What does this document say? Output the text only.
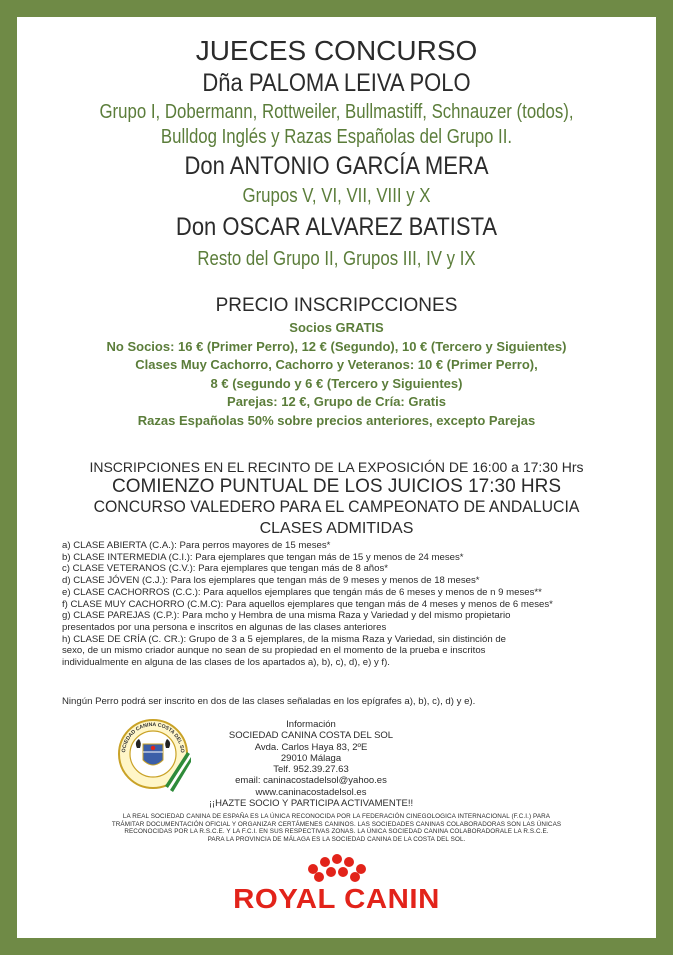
JUECES CONCURSO
Dña PALOMA LEIVA POLO
Grupo I, Dobermann, Rottweiler, Bullmastiff, Schnauzer (todos),
Bulldog Inglés y Razas Españolas del Grupo II.
Don ANTONIO GARCÍA MERA
Grupos V, VI, VII, VIII y X
Don OSCAR ALVAREZ BATISTA
Resto del Grupo II, Grupos III, IV y IX
PRECIO INSCRIPCCIONES
Socios GRATIS
No Socios: 16 € (Primer Perro), 12 € (Segundo), 10 € (Tercero y Siguientes)
Clases Muy Cachorro, Cachorro y Veteranos: 10 € (Primer Perro),
8 € (segundo y 6 € (Tercero y Siguientes)
Parejas: 12 €, Grupo de Cría: Gratis
Razas Españolas 50% sobre precios anteriores, excepto Parejas
INSCRIPCIONES EN EL RECINTO DE LA EXPOSICIÓN DE 16:00 a 17:30 Hrs
COMIENZO PUNTUAL DE LOS JUICIOS 17:30 HRS
CONCURSO VALEDERO PARA EL CAMPEONATO DE ANDALUCIA
CLASES ADMITIDAS
a) CLASE ABIERTA (C.A.): Para perros mayores de 15 meses*
b) CLASE INTERMEDIA (C.I.): Para ejemplares que tengan más de 15 y menos de 24 meses*
c) CLASE VETERANOS (C.V.): Para ejemplares que tengan más de 8 años*
d) CLASE JÓVEN (C.J.): Para los ejemplares que tengan más de 9 meses y menos de 18 meses*
e) CLASE CACHORROS (C.C.): Para aquellos ejemplares que tengán más de 6 meses y menos de n 9 meses**
f) CLASE MUY CACHORRO (C.M.C): Para aquellos ejemplares que tengan más de 4 meses y menos de 6 meses*
g) CLASE PAREJAS (C.P.): Para mcho y Hembra de una misma Raza y Variedad y del mismo propietario
presentados por una persona e inscritos en algunas de las clases anteriores
h) CLASE DE CRÍA (C. CR.): Grupo de 3 a 5 ejemplares, de la misma Raza y Variedad, sin distinción de
sexo, de un mismo criador aunque no sean de su propiedad en el momento de la prueba e inscritos
individualmente en alguna de las clases de los apartados a), b), c), d), e) y f).
Ningún Perro podrá ser inscrito en dos de las clases señaladas en los epígrafes a), b), c), d) y e).
OCIEDAD CANINA COSTA DEL SO
Información
SOCIEDAD CANINA COSTA DEL SOL
Avda. Carlos Haya 83, 2ºE
29010 Málaga
Telf. 952.39.27.63
email: caninacostadelsol@yahoo.es
www.caninacostadelsol.es
¡¡HAZTE SOCIO Y PARTICIPA ACTIVAMENTE!!
LA REAL SOCIEDAD CANINA DE ESPAÑA ES LA ÚNICA RECONOCIDA POR LA FEDERACIÓN CINEGOLOGICA INTERNACIONAL (F.C.I.) PARA
TRÁMITAR DOCUMENTACIÓN OFICIAL Y ORGANIZAR CERTÁMENES CANINOS. LAS SOCIEDADES CANINAS COLABORADORAS SON LAS ÚNICAS
RECONOCIDAS POR LA R.S.C.E. Y LA F.C.I. EN SUS RESPECTIVAS ZONAS. LA ÚNICA SOCIEDAD CANINA COLABORADORALE LA R.S.C.E.
PARA LA PROVINCIA DE MÁLAGA ES LA SOCIEDAD CANINA DE LA COSTA DEL SOL.
ROYAL CANIN
